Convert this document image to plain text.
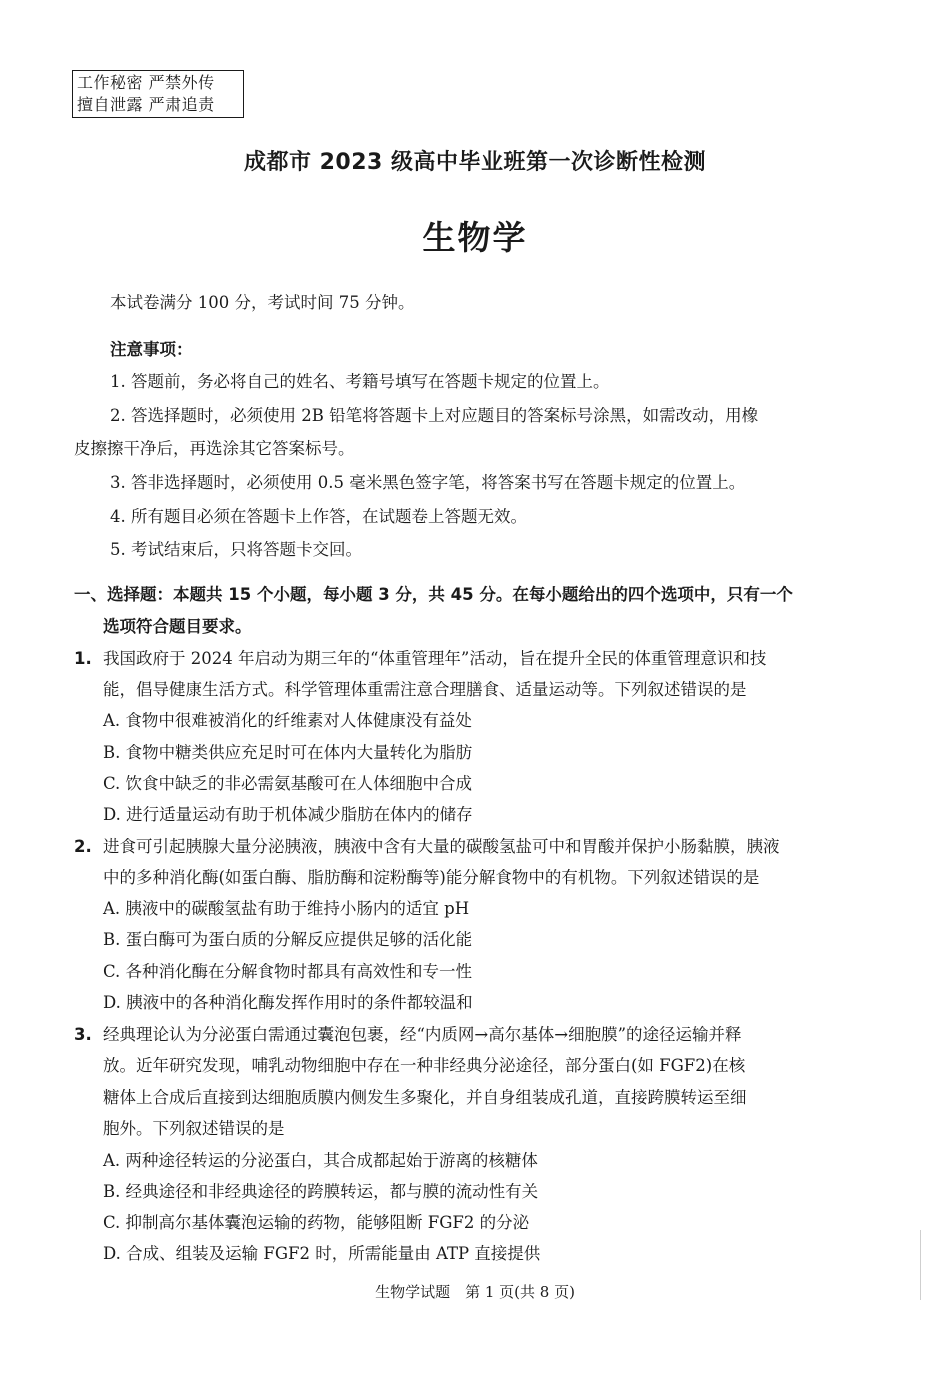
工作秘密 严禁外传
擅自泄露 严肃追责
成都市 2023 级高中毕业班第一次诊断性检测
生物学
本试卷满分 100 分，考试时间 75 分钟。
注意事项：
1. 答题前，务必将自己的姓名、考籍号填写在答题卡规定的位置上。
2. 答选择题时，必须使用 2B 铅笔将答题卡上对应题目的答案标号涂黑，如需改动，用橡
皮擦擦干净后，再选涂其它答案标号。
3. 答非选择题时，必须使用 0.5 毫米黑色签字笔，将答案书写在答题卡规定的位置上。
4. 所有题目必须在答题卡上作答，在试题卷上答题无效。
5. 考试结束后，只将答题卡交回。
一、选择题：本题共 15 个小题，每小题 3 分，共 45 分。在每小题给出的四个选项中，只有一个
选项符合题目要求。
1. 我国政府于 2024 年启动为期三年的“体重管理年”活动，旨在提升全民的体重管理意识和技
能，倡导健康生活方式。科学管理体重需注意合理膳食、适量运动等。下列叙述错误的是
A. 食物中很难被消化的纤维素对人体健康没有益处
B. 食物中糖类供应充足时可在体内大量转化为脂肪
C. 饮食中缺乏的非必需氨基酸可在人体细胞中合成
D. 进行适量运动有助于机体减少脂肪在体内的储存
2. 进食可引起胰腺大量分泌胰液，胰液中含有大量的碳酸氢盐可中和胃酸并保护小肠黏膜，胰液
中的多种消化酶(如蛋白酶、脂肪酶和淀粉酶等)能分解食物中的有机物。下列叙述错误的是
A. 胰液中的碳酸氢盐有助于维持小肠内的适宜 pH
B. 蛋白酶可为蛋白质的分解反应提供足够的活化能
C. 各种消化酶在分解食物时都具有高效性和专一性
D. 胰液中的各种消化酶发挥作用时的条件都较温和
3. 经典理论认为分泌蛋白需通过囊泡包裹，经“内质网→高尔基体→细胞膜”的途径运输并释
放。近年研究发现，哺乳动物细胞中存在一种非经典分泌途径，部分蛋白(如 FGF2)在核
糖体上合成后直接到达细胞质膜内侧发生多聚化，并自身组装成孔道，直接跨膜转运至细
胞外。下列叙述错误的是
A. 两种途径转运的分泌蛋白，其合成都起始于游离的核糖体
B. 经典途径和非经典途径的跨膜转运，都与膜的流动性有关
C. 抑制高尔基体囊泡运输的药物，能够阻断 FGF2 的分泌
D. 合成、组装及运输 FGF2 时，所需能量由 ATP 直接提供
生物学试题　第 1 页(共 8 页)
